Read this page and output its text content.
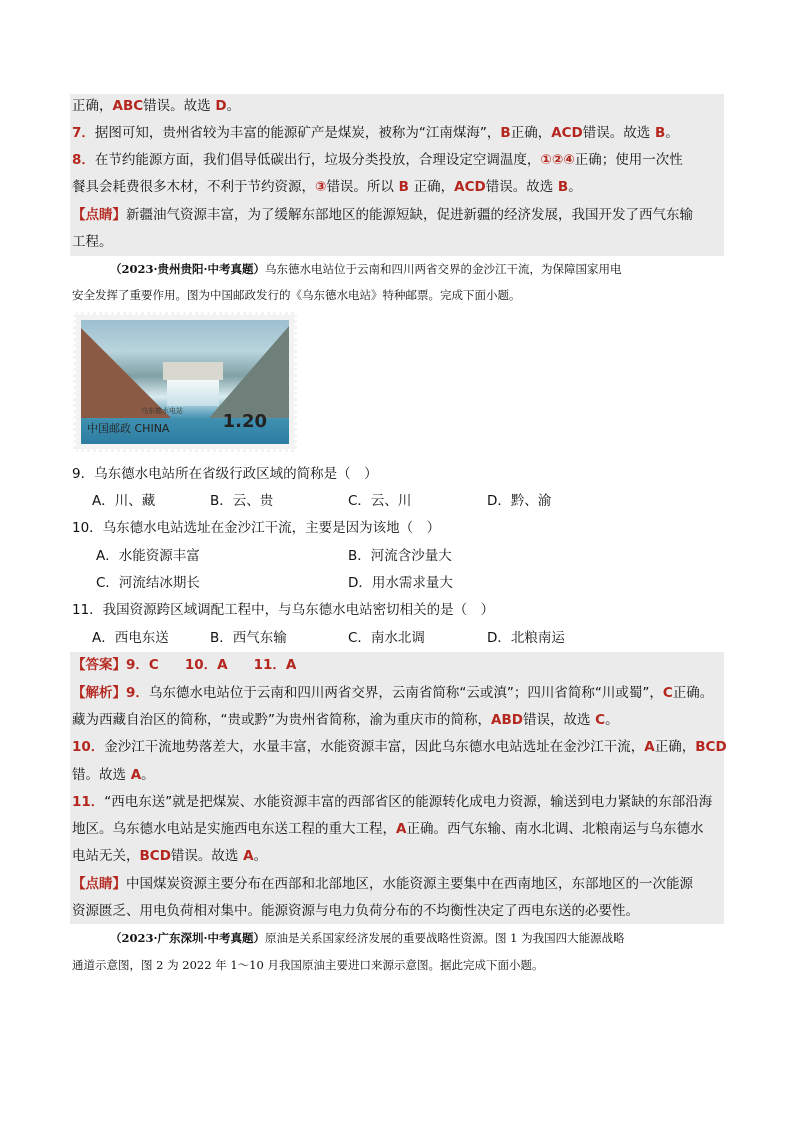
正确，ABC错误。故选 D。
7．据图可知，贵州省较为丰富的能源矿产是煤炭，被称为“江南煤海”，B正确，ACD错误。故选 B。
8．在节约能源方面，我们倡导低碳出行，垃圾分类投放，合理设定空调温度，①②④正确；使用一次性
餐具会耗费很多木材，不利于节约资源，③错误。所以 B 正确，ACD错误。故选 B。
【点睛】新疆油气资源丰富，为了缓解东部地区的能源短缺，促进新疆的经济发展，我国开发了西气东输
工程。
（2023·贵州贵阳·中考真题）乌东德水电站位于云南和四川两省交界的金沙江干流，为保障国家用电
安全发挥了重要作用。图为中国邮政发行的《乌东德水电站》特种邮票。完成下面小题。
乌东德水电站
中国邮政 CHINA	1.20
9．乌东德水电站所在省级行政区域的简称是（　）
A．川、藏	B．云、贵	C．云、川	D．黔、渝
10．乌东德水电站选址在金沙江干流，主要是因为该地（　）
A．水能资源丰富	B．河流含沙量大
C．河流结冰期长	D．用水需求量大
11．我国资源跨区域调配工程中，与乌东德水电站密切相关的是（　）
A．西电东送	B．西气东输	C．南水北调	D．北粮南运
【答案】9．C 10．A 11．A
【解析】9．乌东德水电站位于云南和四川两省交界，云南省简称“云或滇”；四川省简称“川或蜀”，C正确。
藏为西藏自治区的简称，“贵或黔”为贵州省简称，渝为重庆市的简称，ABD错误，故选 C。
10．金沙江干流地势落差大，水量丰富，水能资源丰富，因此乌东德水电站选址在金沙江干流，A正确，BCD
错。故选 A。
11．“西电东送”就是把煤炭、水能资源丰富的西部省区的能源转化成电力资源，输送到电力紧缺的东部沿海
地区。乌东德水电站是实施西电东送工程的重大工程，A正确。西气东输、南水北调、北粮南运与乌东德水
电站无关，BCD错误。故选 A。
【点睛】中国煤炭资源主要分布在西部和北部地区，水能资源主要集中在西南地区，东部地区的一次能源
资源匮乏、用电负荷相对集中。能源资源与电力负荷分布的不均衡性决定了西电东送的必要性。
（2023·广东深圳·中考真题）原油是关系国家经济发展的重要战略性资源。图 1 为我国四大能源战略
通道示意图，图 2 为 2022 年 1～10 月我国原油主要进口来源示意图。据此完成下面小题。
